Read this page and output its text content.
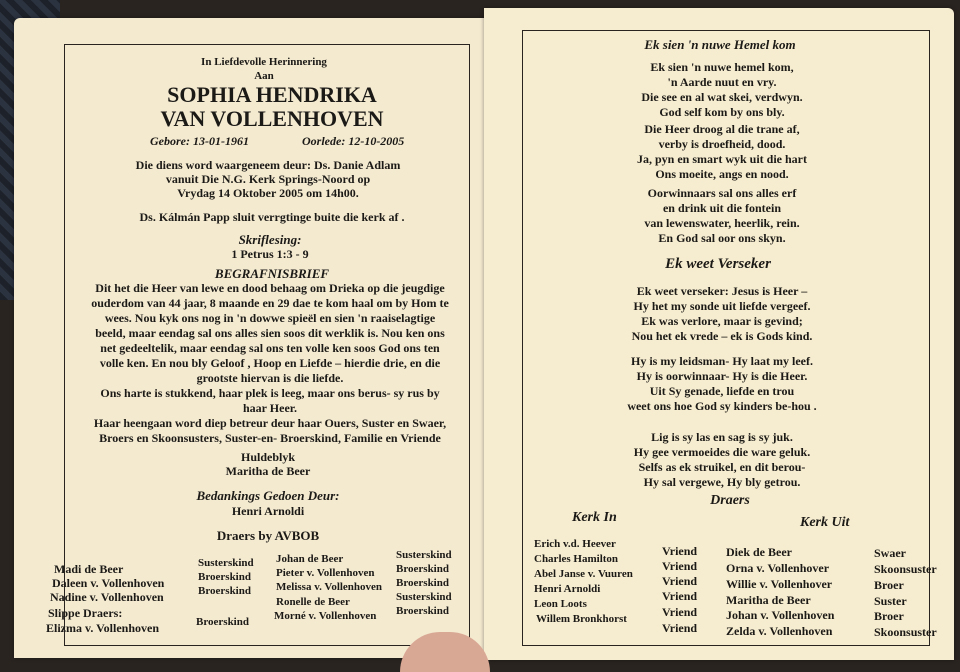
In Liefdevolle Herinnering
Aan
SOPHIA HENDRIKA
VAN VOLLENHOVEN
Gebore: 13-01-1961	Oorlede: 12-10-2005
Die diens word waargeneem deur: Ds. Danie Adlam
vanuit Die N.G. Kerk Springs-Noord op
Vrydag 14 Oktober 2005 om 14h00.
Ds. Kálmán Papp sluit verrgtinge buite die kerk af .
Skriflesing:
1 Petrus 1:3 - 9
BEGRAFNISBRIEF
Dit het die Heer van lewe en dood behaag om Drieka op die jeugdige
ouderdom van 44 jaar, 8 maande en 29 dae te kom haal om by Hom te
wees. Nou kyk ons nog in 'n dowwe spieël en sien 'n raaiselagtige
beeld, maar eendag sal ons alles sien soos dit werklik is. Nou ken ons
net gedeeltelik, maar eendag sal ons ten volle ken soos God ons ten
volle ken. En nou bly Geloof , Hoop en Liefde – hierdie drie, en die
grootste hiervan is die liefde.
Ons harte is stukkend, haar plek is leeg, maar ons berus- sy rus by
haar Heer.
Haar heengaan word diep betreur deur haar Ouers, Suster en Swaer,
Broers en Skoonsusters, Suster-en- Broerskind, Familie en Vriende
Huldeblyk
Maritha de Beer
Bedankings Gedoen Deur:
Henri Arnoldi
Draers by AVBOB
Madi de Beer
Daleen v. Vollenhoven
Nadine v. Vollenhoven
Slippe Draers:
Elizma v. Vollenhoven
Susterskind
Broerskind
Broerskind
Broerskind
Johan de Beer
Pieter v. Vollenhoven
Melissa v. Vollenhoven
Ronelle de Beer
Morné v. Vollenhoven
Susterskind
Broerskind
Broerskind
Susterskind
Broerskind
Ek sien 'n nuwe Hemel kom
Ek sien 'n nuwe hemel kom,
'n Aarde nuut en vry.
Die see en al wat skei, verdwyn.
God self kom by ons bly.
Die Heer droog al die trane af,
verby is droefheid, dood.
Ja, pyn en smart wyk uit die hart
Ons moeite, angs en nood.
Oorwinnaars sal ons alles erf
en drink uit die fontein
van lewenswater, heerlik, rein.
En God sal oor ons skyn.
Ek weet Verseker
Ek weet verseker: Jesus is Heer –
Hy het my sonde uit liefde vergeef.
Ek was verlore, maar is gevind;
Nou het ek vrede – ek is Gods kind.
Hy is my leidsman- Hy laat my leef.
Hy is oorwinnaar- Hy is die Heer.
Uit Sy genade, liefde en trou
weet ons hoe God sy kinders be-hou .
Lig is sy las en sag is sy juk.
Hy gee vermoeides die ware geluk.
Selfs as ek struikel, en dit berou-
Hy sal vergewe, Hy bly getrou.
Draers
Kerk In	Kerk Uit
Erich v.d. Heever
Charles Hamilton
Abel Janse v. Vuuren
Henri Arnoldi
Leon Loots
Willem Bronkhorst
Vriend
Vriend
Vriend
Vriend
Vriend
Vriend
Diek de Beer
Orna v. Vollenhover
Willie v. Vollenhover
Maritha de Beer
Johan v. Vollenhoven
Zelda v. Vollenhoven
Swaer
Skoonsuster
Broer
Suster
Broer
Skoonsuster
